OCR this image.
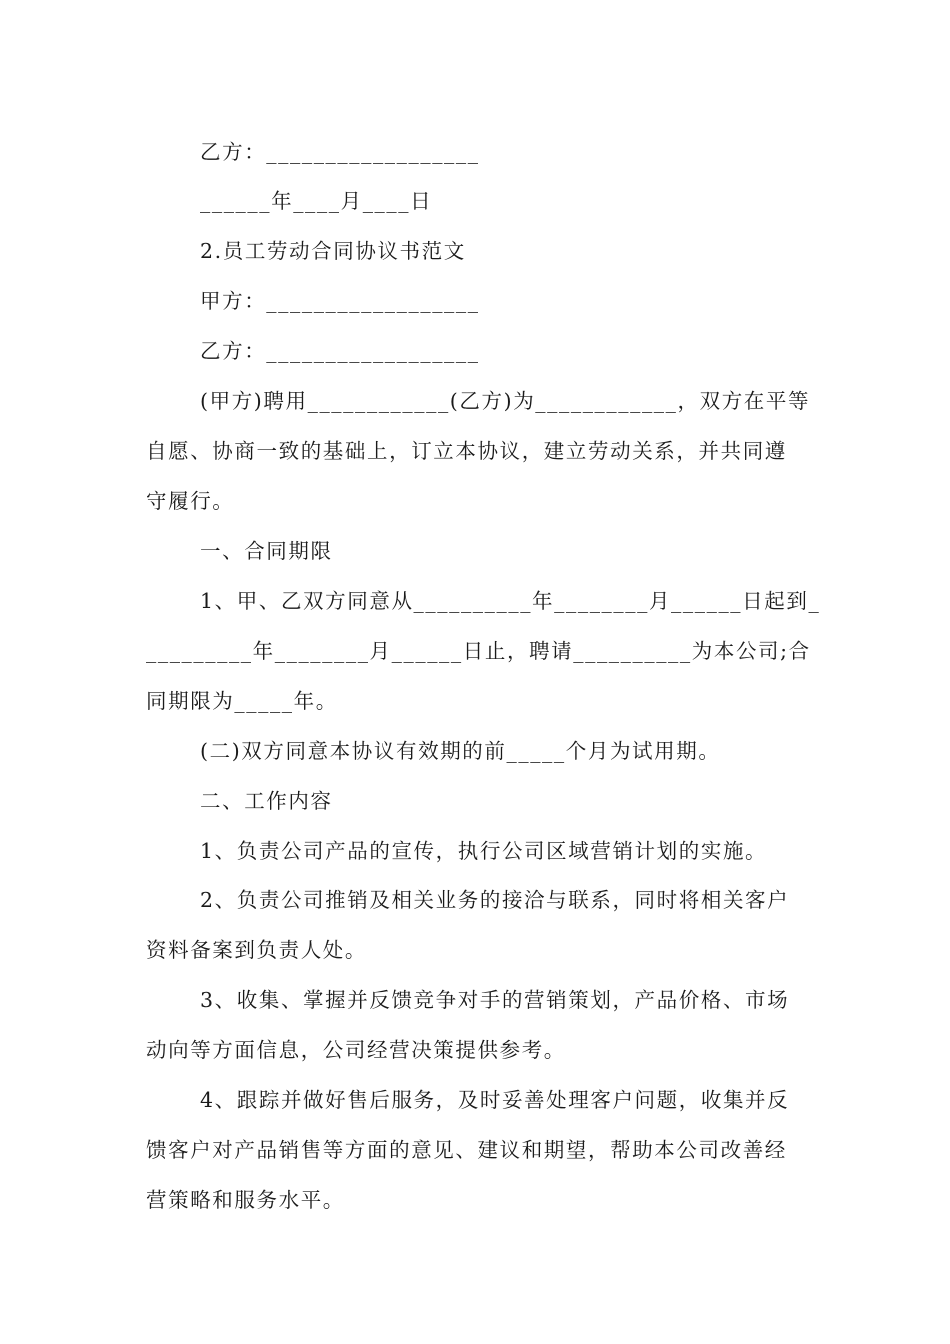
乙方：__________________
______年____月____日
2.员工劳动合同协议书范文
甲方：__________________
乙方：__________________
(甲方)聘用____________(乙方)为____________，双方在平等
自愿、协商一致的基础上，订立本协议，建立劳动关系，并共同遵
守履行。
一、合同期限
1、甲、乙双方同意从__________年________月______日起到_
_________年________月______日止，聘请__________为本公司;合
同期限为_____年。
(二)双方同意本协议有效期的前_____个月为试用期。
二、工作内容
1、负责公司产品的宣传，执行公司区域营销计划的实施。
2、负责公司推销及相关业务的接洽与联系，同时将相关客户
资料备案到负责人处。
3、收集、掌握并反馈竞争对手的营销策划，产品价格、市场
动向等方面信息，公司经营决策提供参考。
4、跟踪并做好售后服务，及时妥善处理客户问题，收集并反
馈客户对产品销售等方面的意见、建议和期望，帮助本公司改善经
营策略和服务水平。
